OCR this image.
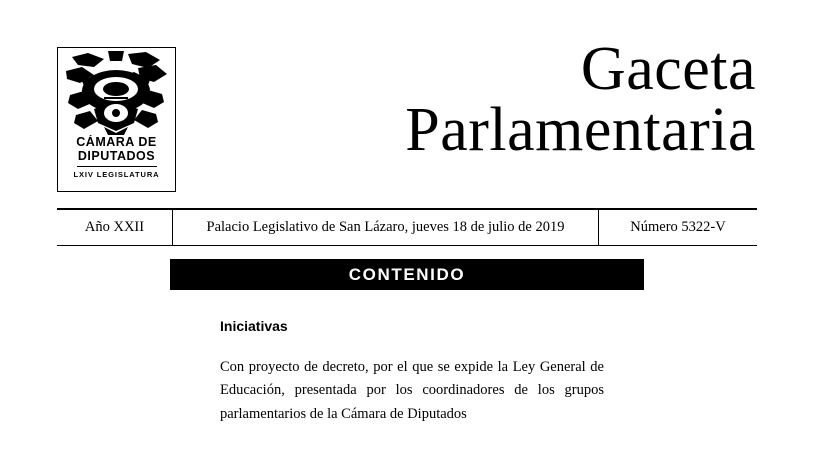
CÁMARA DE
DIPUTADOS
LXIV LEGISLATURA
Gaceta
Parlamentaria
Año XXII	Palacio Legislativo de San Lázaro, jueves 18 de julio de 2019	Número 5322-V
CONTENIDO
Iniciativas
Con proyecto de decreto, por el que se expide la Ley General de Educación, presentada por los coordinadores de los grupos parlamentarios de la Cámara de Diputados
